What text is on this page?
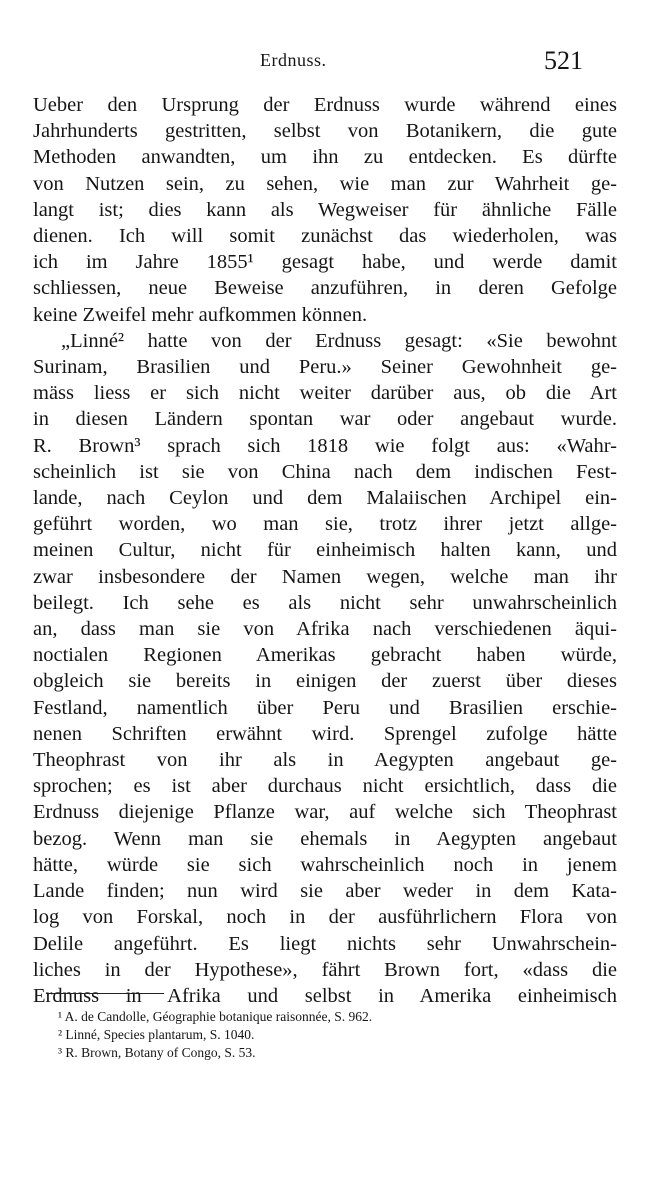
Erdnuss.	521
Ueber den Ursprung der Erdnuss wurde während eines
Jahrhunderts gestritten, selbst von Botanikern, die gute
Methoden anwandten, um ihn zu entdecken. Es dürfte
von Nutzen sein, zu sehen, wie man zur Wahrheit ge-
langt ist; dies kann als Wegweiser für ähnliche Fälle
dienen. Ich will somit zunächst das wiederholen, was
ich im Jahre 1855¹ gesagt habe, und werde damit
schliessen, neue Beweise anzuführen, in deren Gefolge
keine Zweifel mehr aufkommen können.
„Linné² hatte von der Erdnuss gesagt: «Sie bewohnt
Surinam, Brasilien und Peru.» Seiner Gewohnheit ge-
mäss liess er sich nicht weiter darüber aus, ob die Art
in diesen Ländern spontan war oder angebaut wurde.
R. Brown³ sprach sich 1818 wie folgt aus: «Wahr-
scheinlich ist sie von China nach dem indischen Fest-
lande, nach Ceylon und dem Malaiischen Archipel ein-
geführt worden, wo man sie, trotz ihrer jetzt allge-
meinen Cultur, nicht für einheimisch halten kann, und
zwar insbesondere der Namen wegen, welche man ihr
beilegt. Ich sehe es als nicht sehr unwahrscheinlich
an, dass man sie von Afrika nach verschiedenen äqui-
noctialen Regionen Amerikas gebracht haben würde,
obgleich sie bereits in einigen der zuerst über dieses
Festland, namentlich über Peru und Brasilien erschie-
nenen Schriften erwähnt wird. Sprengel zufolge hätte
Theophrast von ihr als in Aegypten angebaut ge-
sprochen; es ist aber durchaus nicht ersichtlich, dass die
Erdnuss diejenige Pflanze war, auf welche sich Theophrast
bezog. Wenn man sie ehemals in Aegypten angebaut
hätte, würde sie sich wahrscheinlich noch in jenem
Lande finden; nun wird sie aber weder in dem Kata-
log von Forskal, noch in der ausführlichern Flora von
Delile angeführt. Es liegt nichts sehr Unwahrschein-
liches in der Hypothese», fährt Brown fort, «dass die
Erdnuss in Afrika und selbst in Amerika einheimisch
¹ A. de Candolle, Géographie botanique raisonnée, S. 962.
² Linné, Species plantarum, S. 1040.
³ R. Brown, Botany of Congo, S. 53.
